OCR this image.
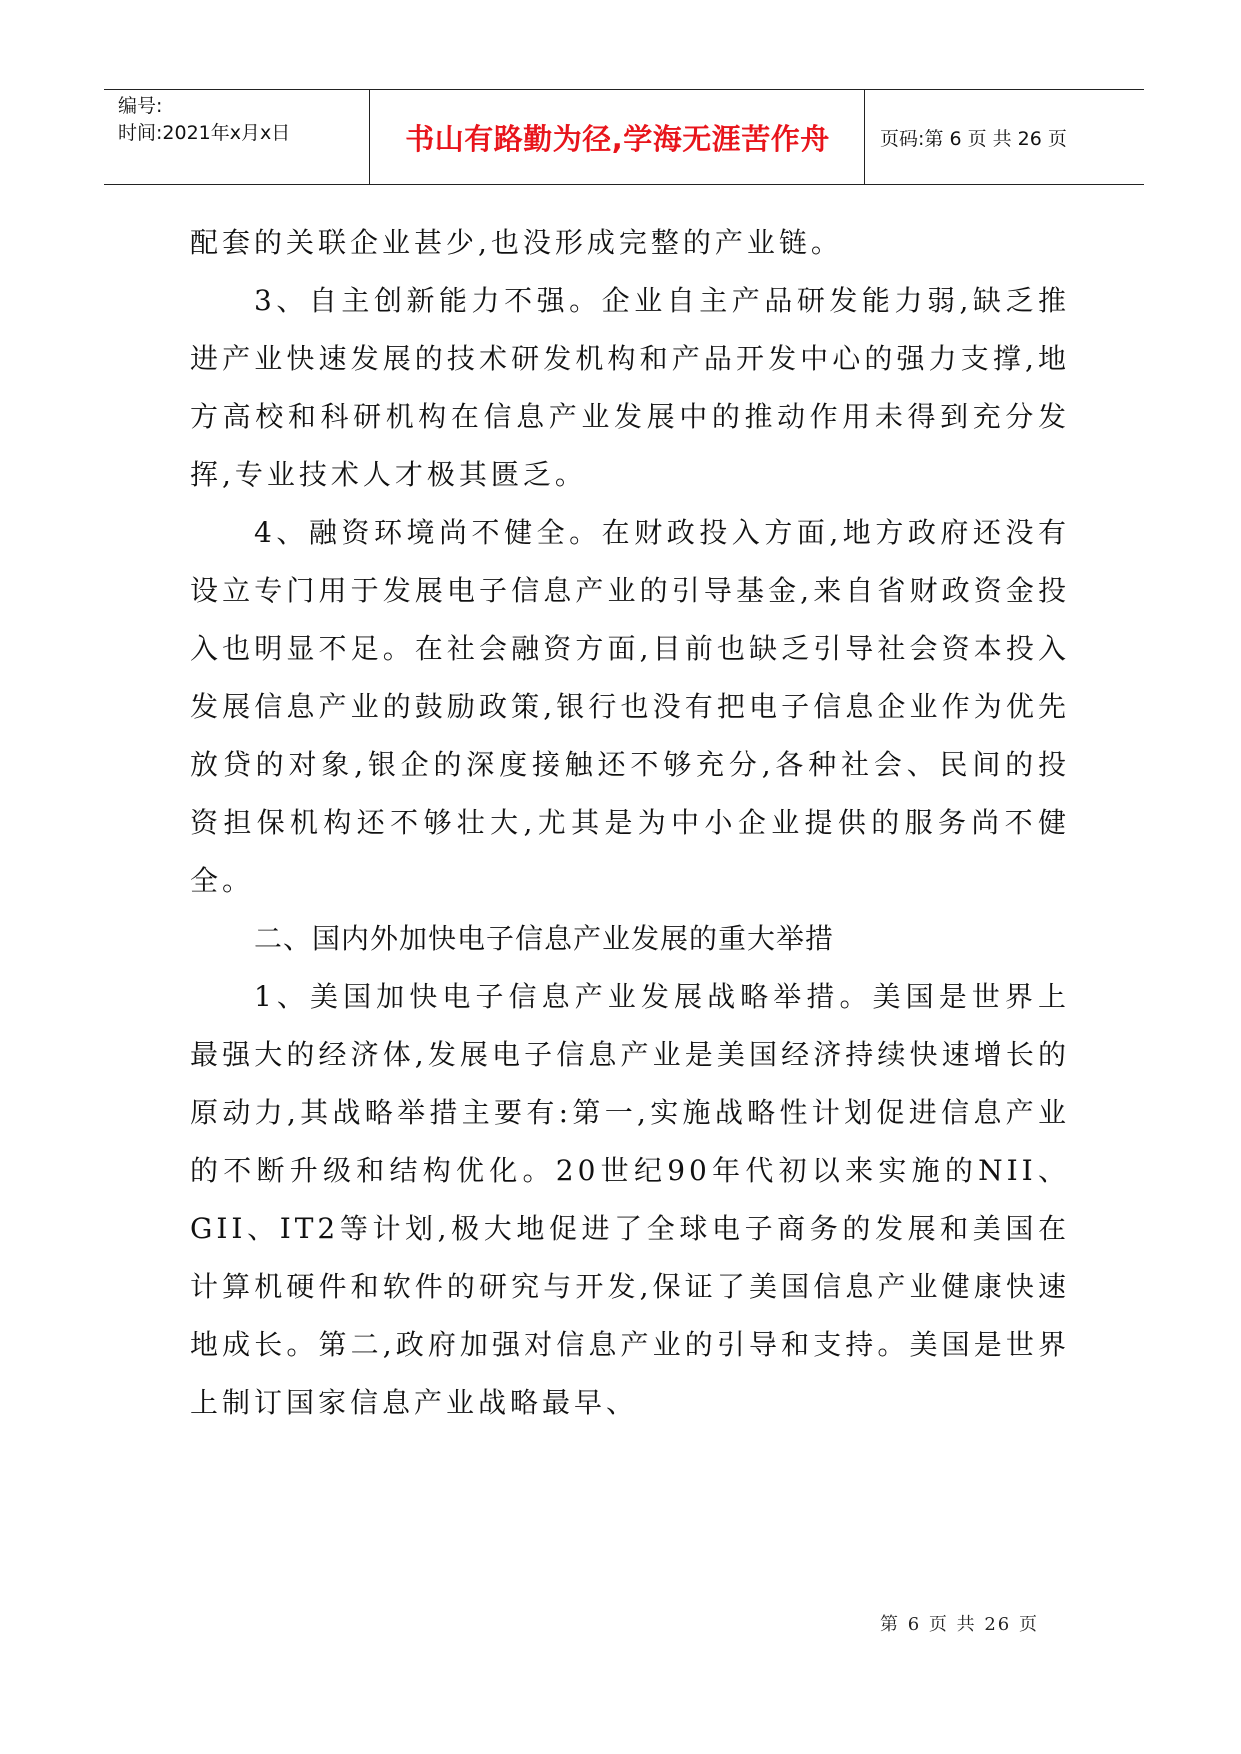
编号:
时间:2021年x月x日	书山有路勤为径,学海无涯苦作舟	页码:第 6 页 共 26 页

配套的关联企业甚少,也没形成完整的产业链。

3、自主创新能力不强。企业自主产品研发能力弱,缺乏推进产业快速发展的技术研发机构和产品开发中心的强力支撑,地方高校和科研机构在信息产业发展中的推动作用未得到充分发挥,专业技术人才极其匮乏。

4、融资环境尚不健全。在财政投入方面,地方政府还没有设立专门用于发展电子信息产业的引导基金,来自省财政资金投入也明显不足。在社会融资方面,目前也缺乏引导社会资本投入发展信息产业的鼓励政策,银行也没有把电子信息企业作为优先放贷的对象,银企的深度接触还不够充分,各种社会、民间的投资担保机构还不够壮大,尤其是为中小企业提供的服务尚不健全。

二、国内外加快电子信息产业发展的重大举措

1、美国加快电子信息产业发展战略举措。美国是世界上最强大的经济体,发展电子信息产业是美国经济持续快速增长的原动力,其战略举措主要有:第一,实施战略性计划促进信息产业的不断升级和结构优化。20世纪90年代初以来实施的NII、GII、IT2等计划,极大地促进了全球电子商务的发展和美国在计算机硬件和软件的研究与开发,保证了美国信息产业健康快速地成长。第二,政府加强对信息产业的引导和支持。美国是世界上制订国家信息产业战略最早、

第 6 页 共 26 页
